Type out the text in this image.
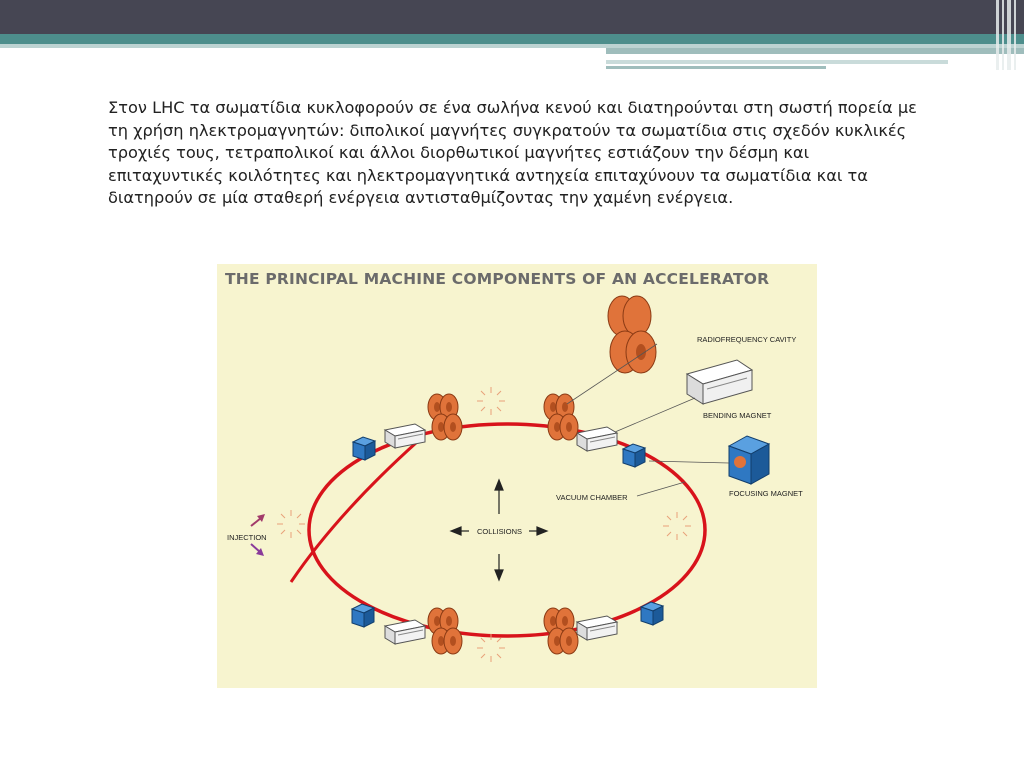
Στον LHC τα σωματίδια κυκλοφορούν σε ένα σωλήνα κενού και διατηρούνται στη σωστή πορεία με τη χρήση ηλεκτρομαγνητών: διπολικοί μαγνήτες συγκρατούν τα σωματίδια στις σχεδόν κυκλικές τροχιές τους, τετραπολικοί και άλλοι διορθωτικοί μαγνήτες εστιάζουν την δέσμη και επιταχυντικές κοιλότητες και ηλεκτρομαγνητικά αντηχεία επιταχύνουν τα σωματίδια και τα διατηρούν σε μία σταθερή ενέργεια αντισταθμίζοντας την χαμένη ενέργεια.

THE PRINCIPAL MACHINE COMPONENTS OF AN ACCELERATOR
RADIOFREQUENCY CAVITY
BENDING MAGNET
FOCUSING MAGNET
VACUUM CHAMBER
COLLISIONS
INJECTION
